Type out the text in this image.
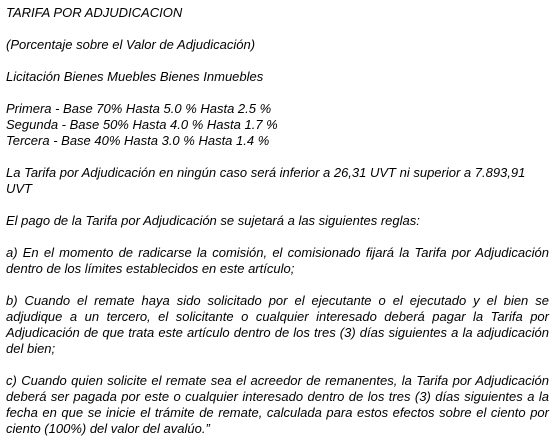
TARIFA POR ADJUDICACION

(Porcentaje sobre el Valor de Adjudicación)

Licitación Bienes Muebles Bienes Inmuebles

Primera - Base 70% Hasta 5.0 % Hasta 2.5 %
Segunda - Base 50% Hasta 4.0 % Hasta 1.7 %
Tercera - Base 40% Hasta 3.0 % Hasta 1.4 %

La Tarifa por Adjudicación en ningún caso será inferior a 26,31 UVT ni superior a 7.893,91 UVT

El pago de la Tarifa por Adjudicación se sujetará a las siguientes reglas:

a) En el momento de radicarse la comisión, el comisionado fijará la Tarifa por Adjudicación dentro de los límites establecidos en este artículo;

b) Cuando el remate haya sido solicitado por el ejecutante o el ejecutado y el bien se adjudique a un tercero, el solicitante o cualquier interesado deberá pagar la Tarifa por Adjudicación de que trata este artículo dentro de los tres (3) días siguientes a la adjudicación del bien;

c) Cuando quien solicite el remate sea el acreedor de remanentes, la Tarifa por Adjudicación deberá ser pagada por este o cualquier interesado dentro de los tres (3) días siguientes a la fecha en que se inicie el trámite de remate, calculada para estos efectos sobre el ciento por ciento (100%) del valor del avalúo.”
